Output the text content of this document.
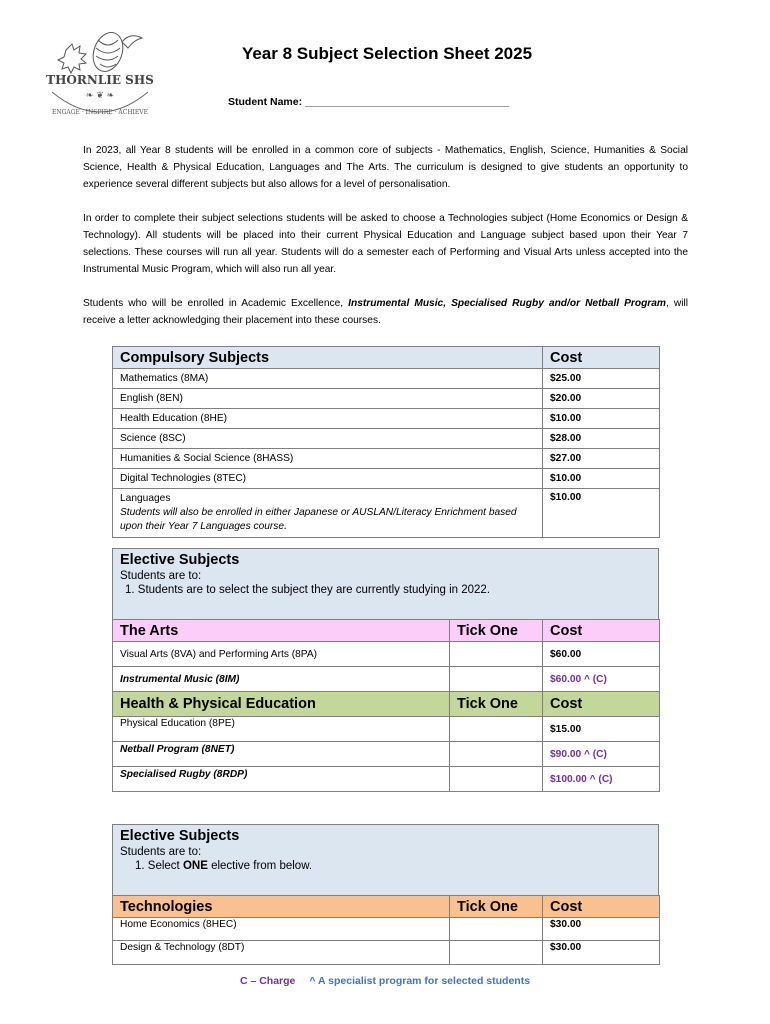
THORNLIE SHS
❧ ❦ ❧
ENGAGE · INSPIRE · ACHIEVE
Year 8 Subject Selection Sheet 2025
Student Name: ___________________________________
In 2023, all Year 8 students will be enrolled in a common core of subjects - Mathematics, English, Science, Humanities & Social Science, Health & Physical Education, Languages and The Arts. The curriculum is designed to give students an opportunity to experience several different subjects but also allows for a level of personalisation.
In order to complete their subject selections students will be asked to choose a Technologies subject (Home Economics or Design & Technology). All students will be placed into their current Physical Education and Language subject based upon their Year 7 selections. These courses will run all year. Students will do a semester each of Performing and Visual Arts unless accepted into the Instrumental Music Program, which will also run all year.
Students who will be enrolled in Academic Excellence, Instrumental Music, Specialised Rugby and/or Netball Program, will receive a letter acknowledging their placement into these courses.
Compulsory Subjects	Cost
Mathematics (8MA)	$25.00
English (8EN)	$20.00
Health Education (8HE)	$10.00
Science (8SC)	$28.00
Humanities & Social Science (8HASS)	$27.00
Digital Technologies (8TEC)	$10.00

Languages
Students will also be enrolled in either Japanese or AUSLAN/Literacy Enrichment based upon their Year 7 Languages course.	$10.00
Elective Subjects
Students are to:
1. Students are to select the subject they are currently studying in 2022.
The Arts	Tick One	Cost
Visual Arts (8VA) and Performing Arts (8PA)		$60.00
Instrumental Music (8IM)		$60.00 ^ (C)
Health & Physical Education	Tick One	Cost
Physical Education (8PE)		$15.00
Netball Program (8NET)		$90.00 ^ (C)
Specialised Rugby (8RDP)		$100.00 ^ (C)
Elective Subjects
Students are to:
1. Select ONE elective from below.
Technologies	Tick One	Cost
Home Economics (8HEC)		$30.00
Design & Technology (8DT)		$30.00
C – Charge ^ A specialist program for selected students
